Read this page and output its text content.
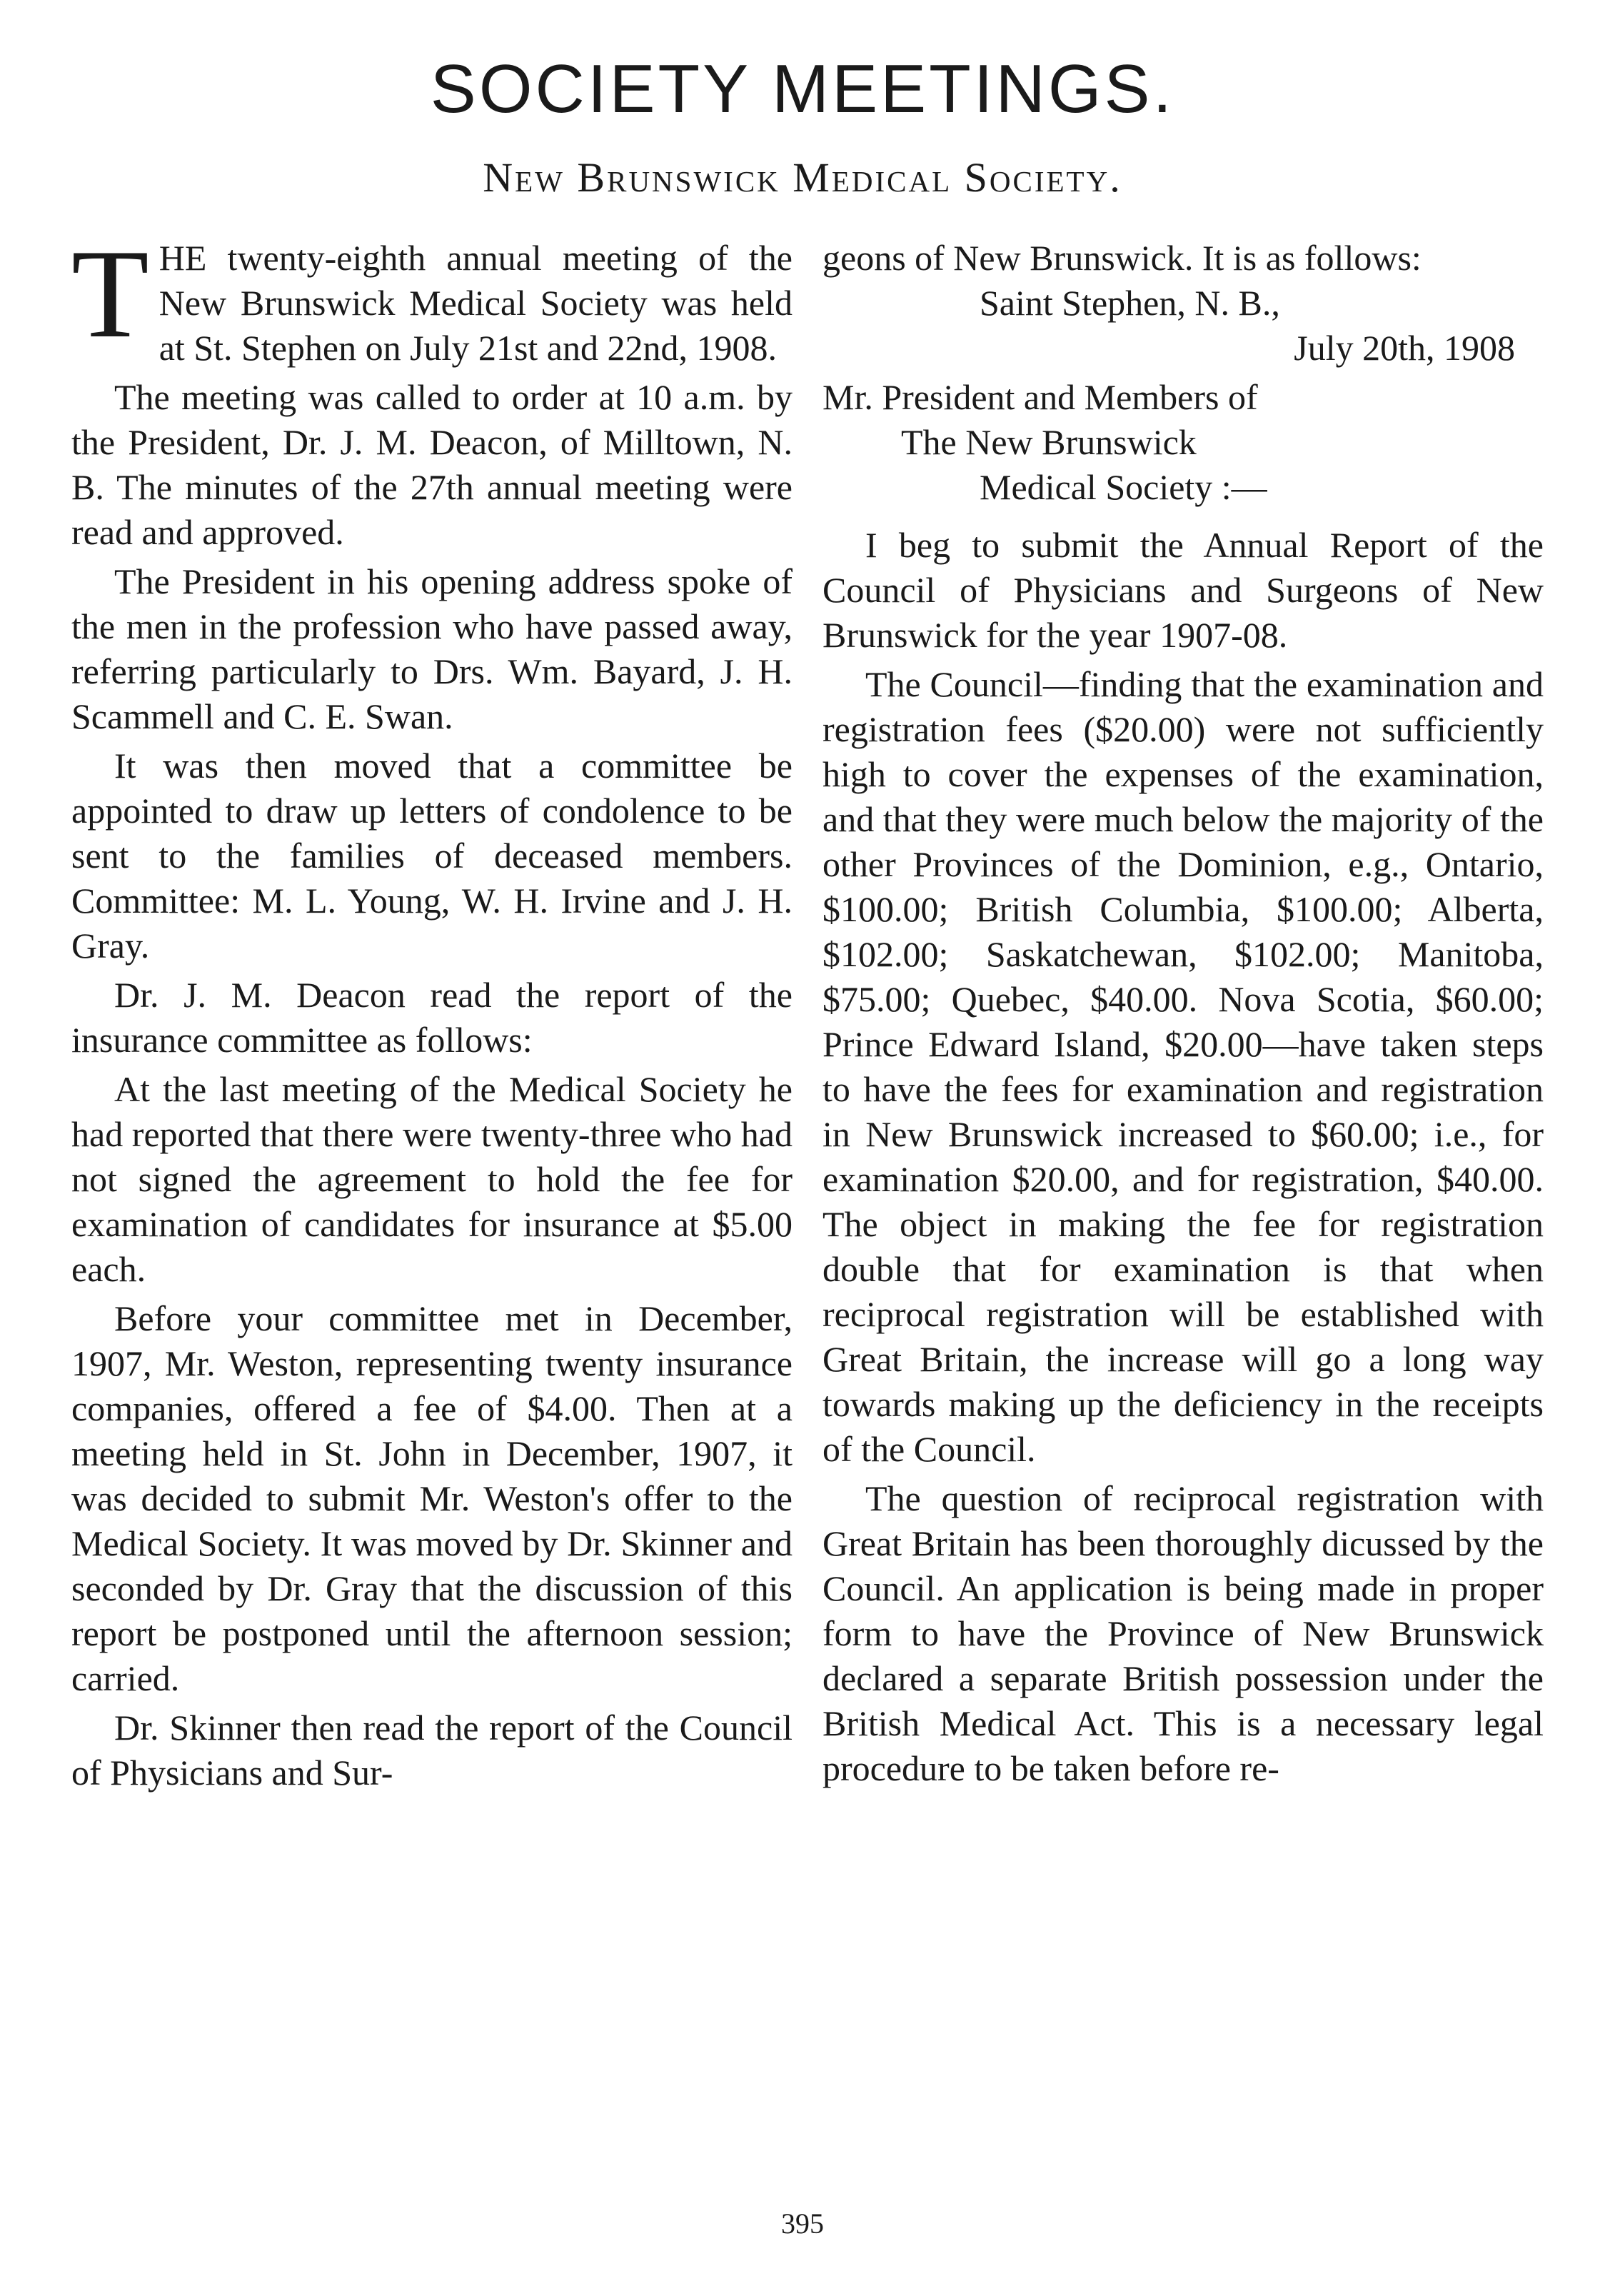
SOCIETY MEETINGS.
New Brunswick Medical Society.

THE twenty-eighth annual meeting of the New Brunswick Medical Society was held at St. Stephen on July 21st and 22nd, 1908.

The meeting was called to order at 10 a.m. by the President, Dr. J. M. Deacon, of Milltown, N. B. The minutes of the 27th annual meeting were read and approved.

The President in his opening address spoke of the men in the profession who have passed away, referring particularly to Drs. Wm. Bayard, J. H. Scammell and C. E. Swan.

It was then moved that a committee be appointed to draw up letters of condolence to be sent to the families of deceased members. Committee: M. L. Young, W. H. Irvine and J. H. Gray.

Dr. J. M. Deacon read the report of the insurance committee as follows:

At the last meeting of the Medical Society he had reported that there were twenty-three who had not signed the agreement to hold the fee for examination of candidates for insurance at $5.00 each.

Before your committee met in December, 1907, Mr. Weston, representing twenty insurance companies, offered a fee of $4.00. Then at a meeting held in St. John in December, 1907, it was decided to submit Mr. Weston's offer to the Medical Society. It was moved by Dr. Skinner and seconded by Dr. Gray that the discussion of this report be postponed until the afternoon session; carried.

Dr. Skinner then read the report of the Council of Physicians and Sur-

geons of New Brunswick. It is as follows:

Saint Stephen, N. B.,

July 20th, 1908

Mr. President and Members of

The New Brunswick

Medical Society :—

I beg to submit the Annual Report of the Council of Physicians and Surgeons of New Brunswick for the year 1907-08.

The Council—finding that the examination and registration fees ($20.00) were not sufficiently high to cover the expenses of the examination, and that they were much below the majority of the other Provinces of the Dominion, e.g., Ontario, $100.00; British Columbia, $100.00; Alberta, $102.00; Saskatchewan, $102.00; Manitoba, $75.00; Quebec, $40.00. Nova Scotia, $60.00; Prince Edward Island, $20.00—have taken steps to have the fees for examination and registration in New Brunswick increased to $60.00; i.e., for examination $20.00, and for registration, $40.00. The object in making the fee for registration double that for examination is that when reciprocal registration will be established with Great Britain, the increase will go a long way towards making up the deficiency in the receipts of the Council.

The question of reciprocal registration with Great Britain has been thoroughly dicussed by the Council. An application is being made in proper form to have the Province of New Brunswick declared a separate British possession under the British Medical Act. This is a necessary legal procedure to be taken before re-

395
